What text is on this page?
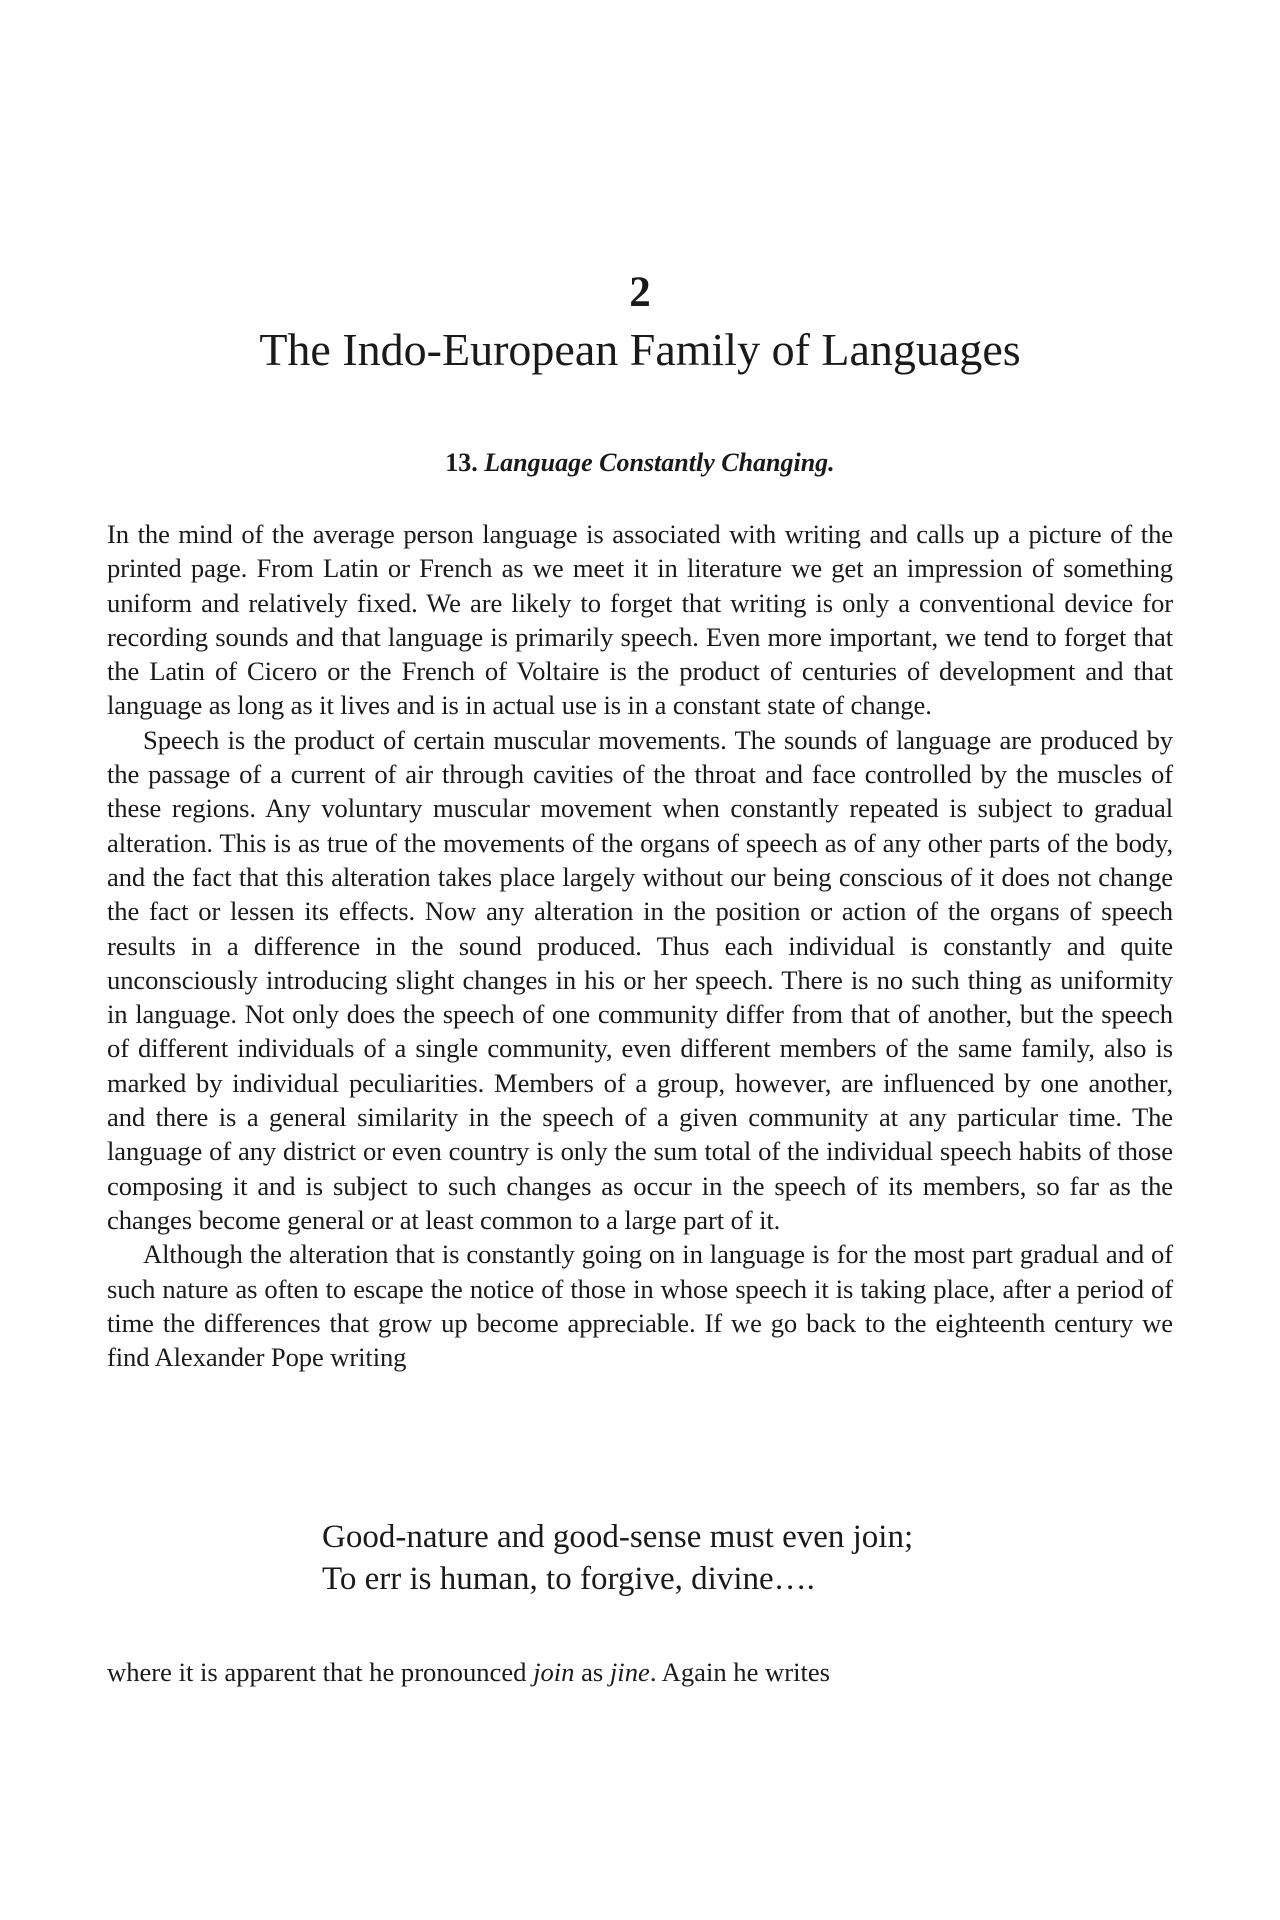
2
The Indo-European Family of Languages
13. Language Constantly Changing.

In the mind of the average person language is associated with writing and calls up a picture of the printed page. From Latin or French as we meet it in literature we get an impression of something uniform and relatively fixed. We are likely to forget that writing is only a conventional device for recording sounds and that language is primarily speech. Even more important, we tend to forget that the Latin of Cicero or the French of Voltaire is the product of centuries of development and that language as long as it lives and is in actual use is in a constant state of change.

Speech is the product of certain muscular movements. The sounds of language are produced by the passage of a current of air through cavities of the throat and face controlled by the muscles of these regions. Any voluntary muscular movement when constantly repeated is subject to gradual alteration. This is as true of the movements of the organs of speech as of any other parts of the body, and the fact that this alteration takes place largely without our being conscious of it does not change the fact or lessen its effects. Now any alteration in the position or action of the organs of speech results in a difference in the sound produced. Thus each individual is constantly and quite unconsciously introducing slight changes in his or her speech. There is no such thing as uniformity in language. Not only does the speech of one community differ from that of another, but the speech of different individuals of a single community, even different members of the same family, also is marked by individual peculiarities. Members of a group, however, are influenced by one another, and there is a general similarity in the speech of a given community at any particular time. The language of any district or even country is only the sum total of the individual speech habits of those composing it and is subject to such changes as occur in the speech of its members, so far as the changes become general or at least common to a large part of it.

Although the alteration that is constantly going on in language is for the most part gradual and of such nature as often to escape the notice of those in whose speech it is taking place, after a period of time the differences that grow up become appreciable. If we go back to the eighteenth century we find Alexander Pope writing

Good-nature and good-sense must even join;
To err is human, to forgive, divine….
where it is apparent that he pronounced join as jine. Again he writes
